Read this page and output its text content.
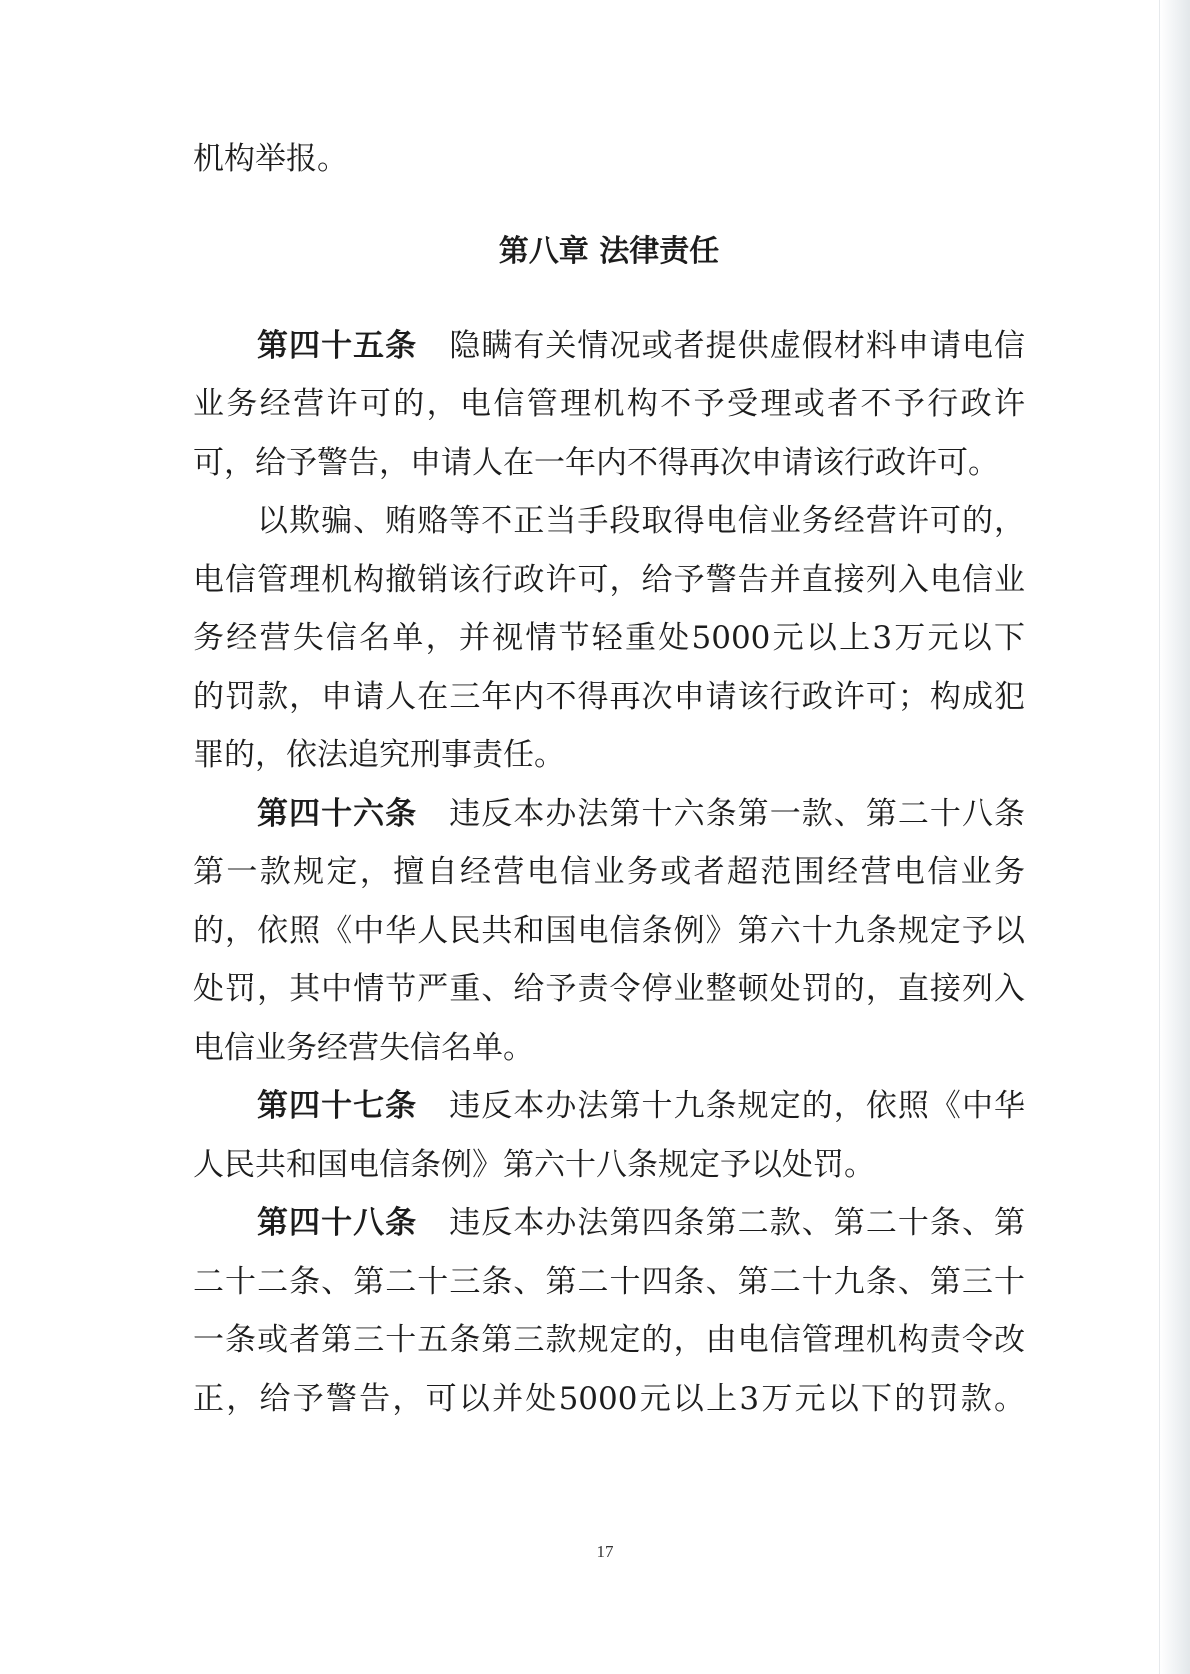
机构举报。
第八章 法律责任
第四十五条  隐瞒有关情况或者提供虚假材料申请电信
业务经营许可的，电信管理机构不予受理或者不予行政许
可，给予警告，申请人在一年内不得再次申请该行政许可。
以欺骗、贿赂等不正当手段取得电信业务经营许可的，
电信管理机构撤销该行政许可，给予警告并直接列入电信业
务经营失信名单，并视情节轻重处5000元以上3万元以下
的罚款，申请人在三年内不得再次申请该行政许可；构成犯
罪的，依法追究刑事责任。
第四十六条  违反本办法第十六条第一款、第二十八条
第一款规定，擅自经营电信业务或者超范围经营电信业务
的，依照《中华人民共和国电信条例》第六十九条规定予以
处罚，其中情节严重、给予责令停业整顿处罚的，直接列入
电信业务经营失信名单。
第四十七条  违反本办法第十九条规定的，依照《中华
人民共和国电信条例》第六十八条规定予以处罚。
第四十八条  违反本办法第四条第二款、第二十条、第
二十二条、第二十三条、第二十四条、第二十九条、第三十
一条或者第三十五条第三款规定的，由电信管理机构责令改
正，给予警告，可以并处5000元以上3万元以下的罚款。
17
